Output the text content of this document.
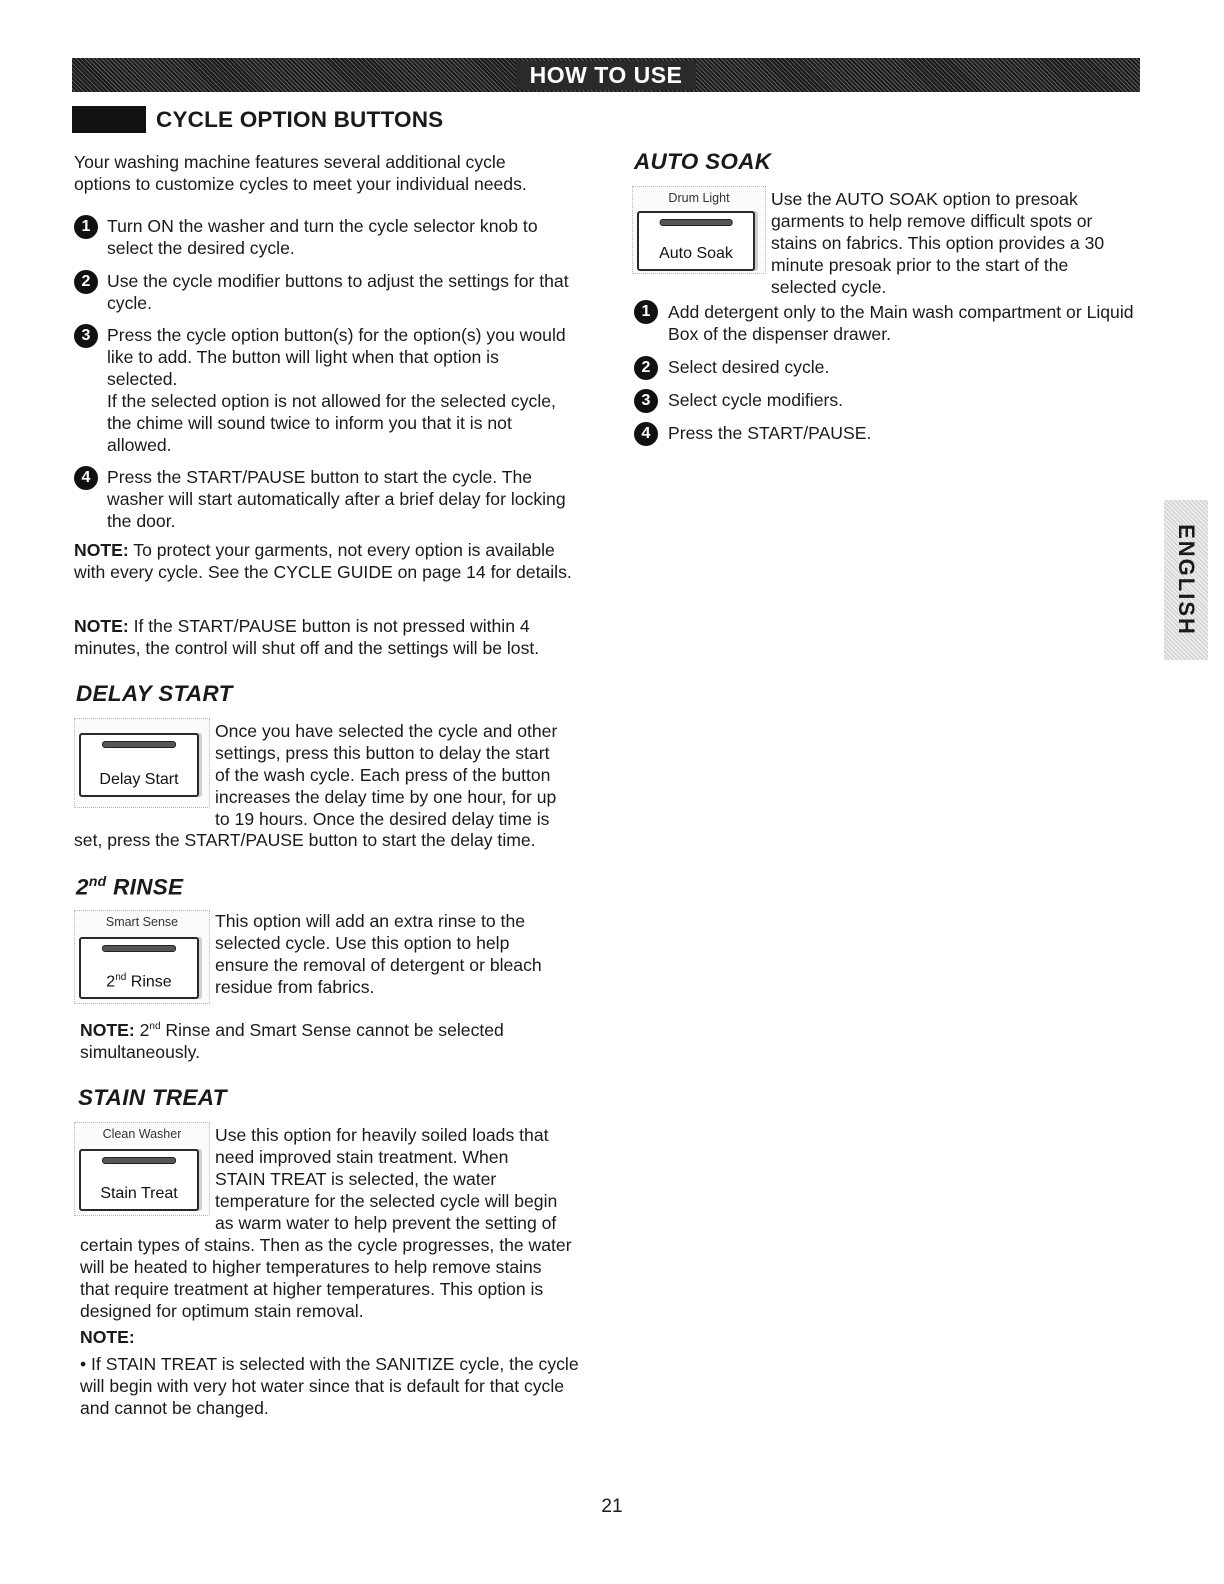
HOW TO USE
CYCLE OPTION BUTTONS

Your washing machine features several additional cycle options to customize cycles to meet your individual needs.

1 Turn ON the washer and turn the cycle selector knob to select the desired cycle.
2 Use the cycle modifier buttons to adjust the settings for that cycle.
3 Press the cycle option button(s) for the option(s) you would like to add. The button will light when that option is selected.
If the selected option is not allowed for the selected cycle, the chime will sound twice to inform you that it is not allowed.
4 Press the START/PAUSE button to start the cycle. The washer will start automatically after a brief delay for locking the door.

NOTE: To protect your garments, not every option is available with every cycle. See the CYCLE GUIDE on page 14 for details.

NOTE: If the START/PAUSE button is not pressed within 4 minutes, the control will shut off and the settings will be lost.

DELAY START
Delay Start
Once you have selected the cycle and other
settings, press this button to delay the start
of the wash cycle. Each press of the button
increases the delay time by one hour, for up
to 19 hours. Once the desired delay time is
set, press the START/PAUSE button to start the delay time.
2nd RINSE
Smart Sense
2nd Rinse
This option will add an extra rinse to the
selected cycle. Use this option to help
ensure the removal of detergent or bleach
residue from fabrics.
NOTE: 2nd Rinse and Smart Sense cannot be selected
simultaneously.
STAIN TREAT
Clean Washer
Stain Treat
Use this option for heavily soiled loads that
need improved stain treatment. When
STAIN TREAT is selected, the water
temperature for the selected cycle will begin
as warm water to help prevent the setting of
certain types of stains. Then as the cycle progresses, the water will be heated to higher temperatures to help remove stains that require treatment at higher temperatures. This option is designed for optimum stain removal.
NOTE:
• If STAIN TREAT is selected with the SANITIZE cycle, the cycle will begin with very hot water since that is default for that cycle and cannot be changed.
AUTO SOAK
Drum Light
Auto Soak
Use the AUTO SOAK option to presoak
garments to help remove difficult spots or
stains on fabrics. This option provides a 30
minute presoak prior to the start of the
selected cycle.
1 Add detergent only to the Main wash compartment or Liquid Box of the dispenser drawer.
2 Select desired cycle.
3 Select cycle modifiers.
4 Press the START/PAUSE.
ENGLISH
21
